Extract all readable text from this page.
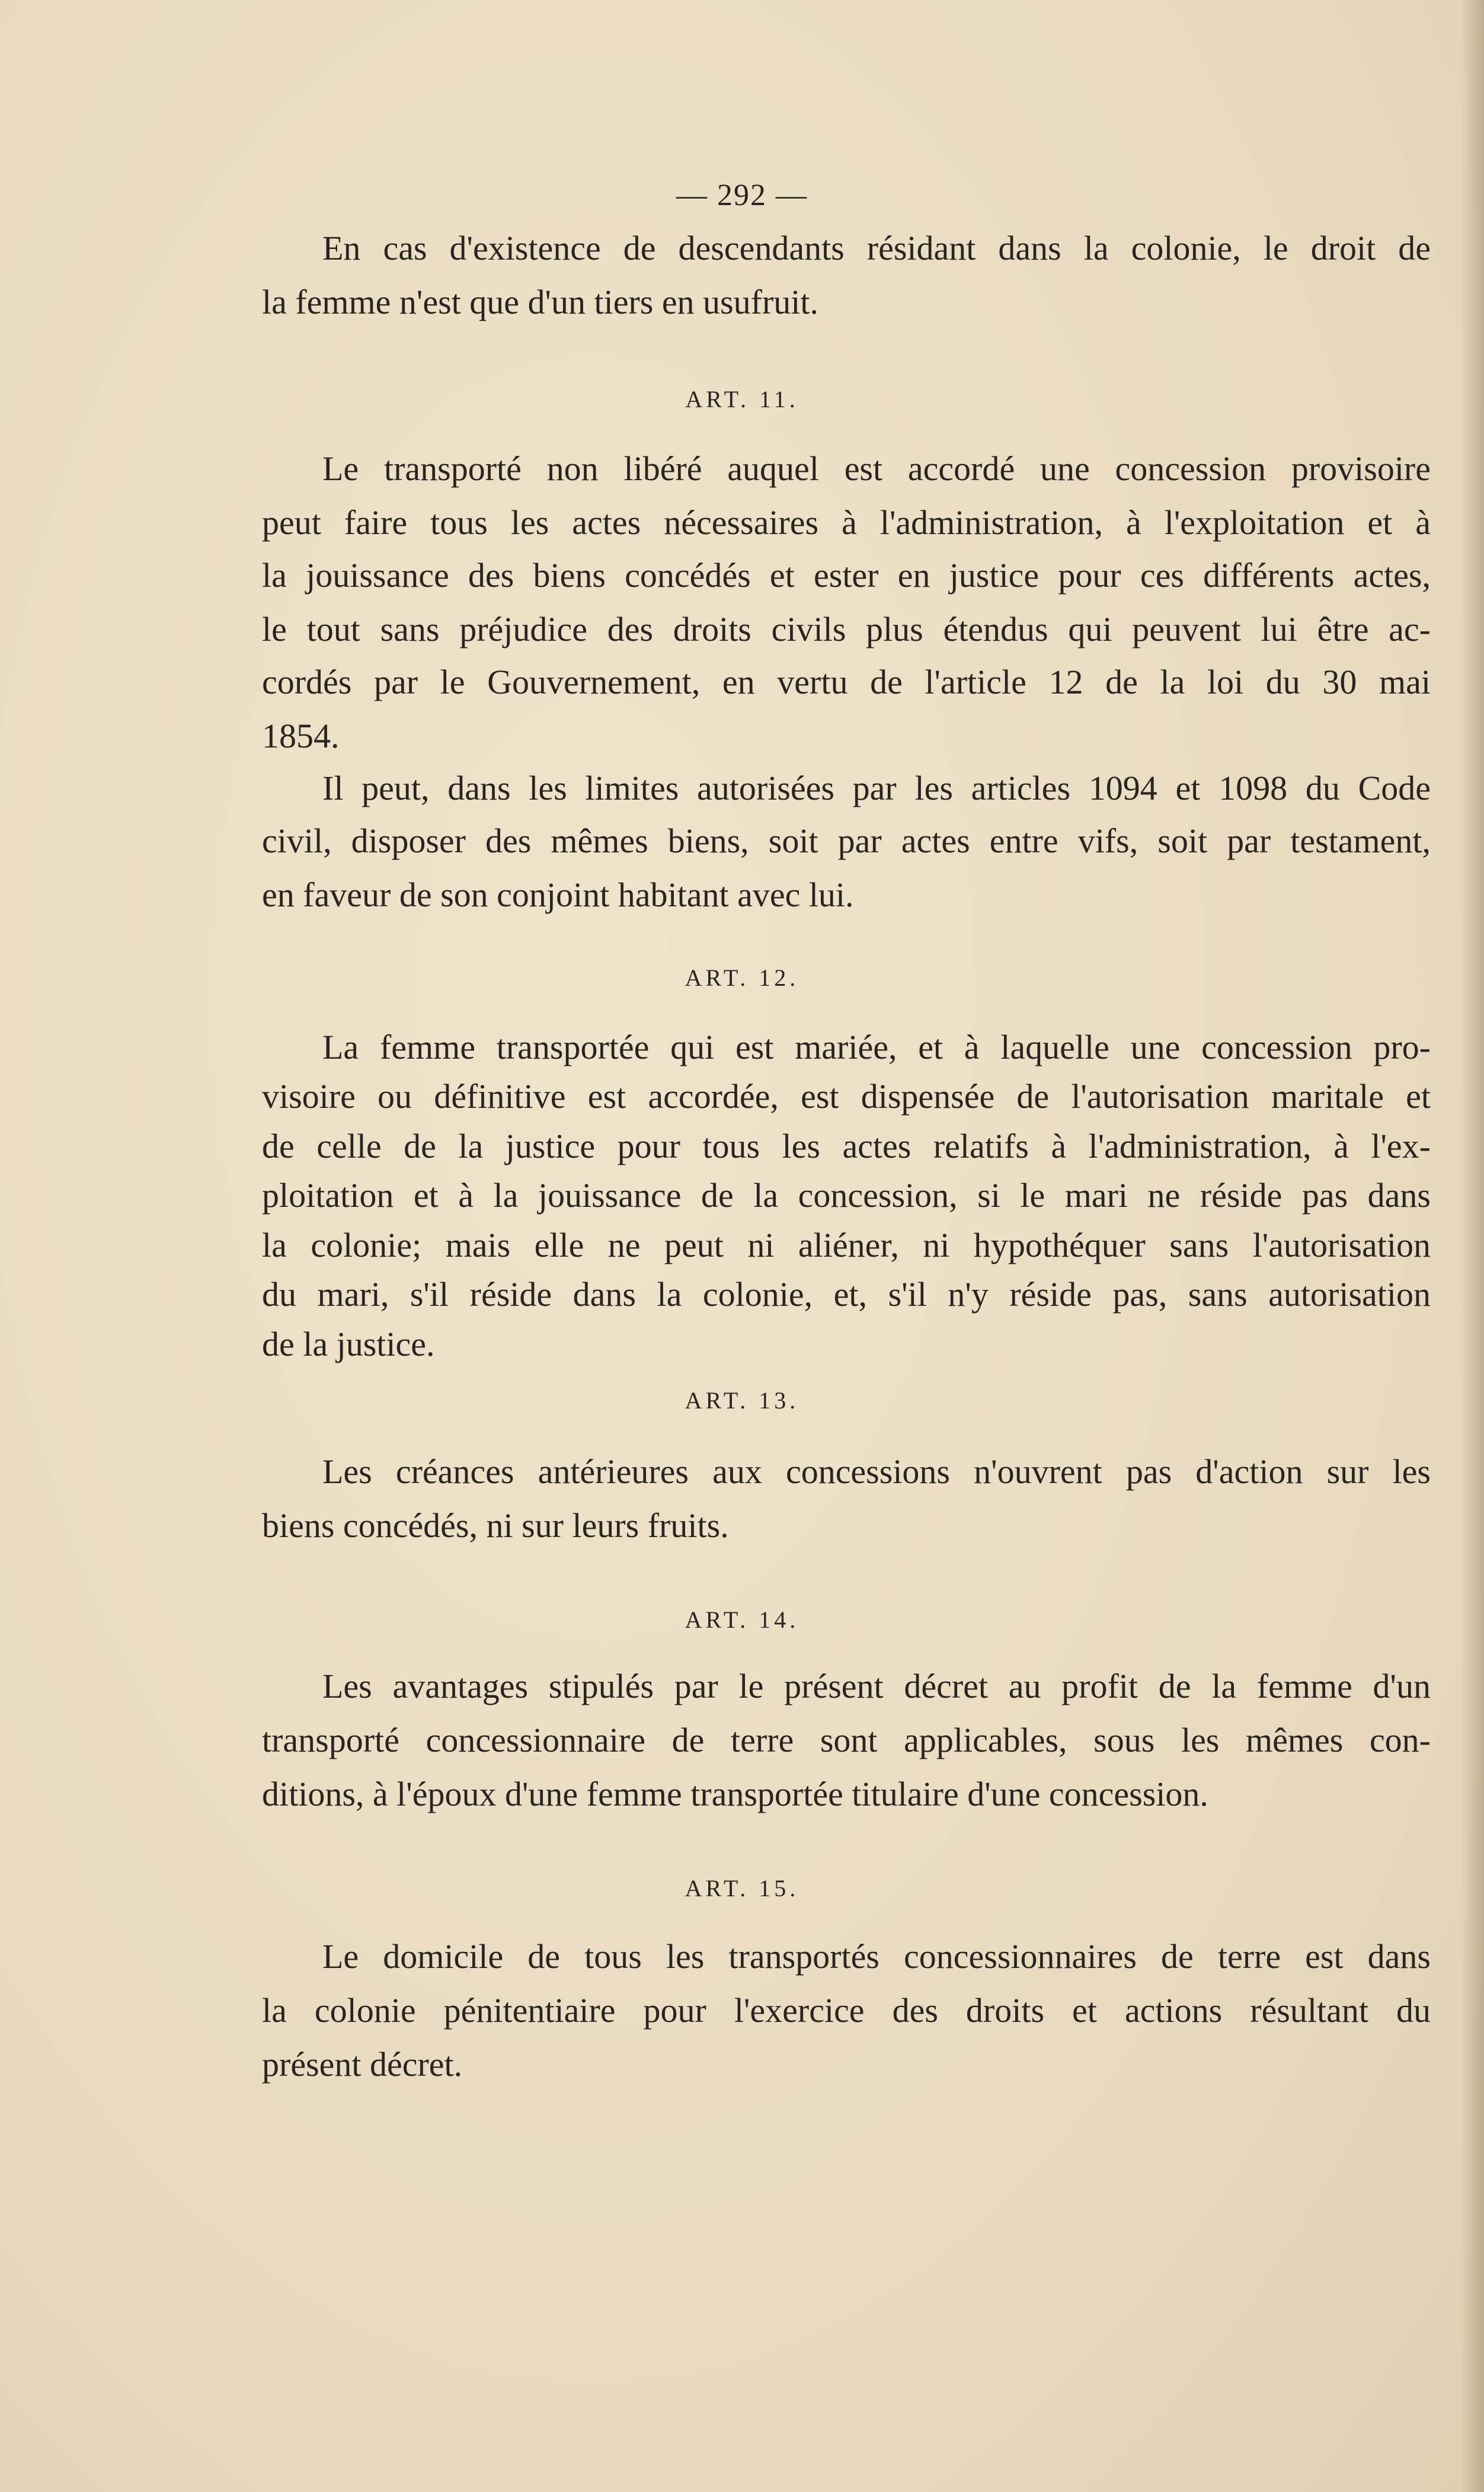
— 292 —
En cas d'existence de descendants résidant dans la colonie, le droit de
la femme n'est que d'un tiers en usufruit.
ART. 11.
Le transporté non libéré auquel est accordé une concession provisoire
peut faire tous les actes nécessaires à l'administration, à l'exploitation et à
la jouissance des biens concédés et ester en justice pour ces différents actes,
le tout sans préjudice des droits civils plus étendus qui peuvent lui être ac-
cordés par le Gouvernement, en vertu de l'article 12 de la loi du 30 mai
1854.
Il peut, dans les limites autorisées par les articles 1094 et 1098 du Code
civil, disposer des mêmes biens, soit par actes entre vifs, soit par testament,
en faveur de son conjoint habitant avec lui.
ART. 12.
La femme transportée qui est mariée, et à laquelle une concession pro-
visoire ou définitive est accordée, est dispensée de l'autorisation maritale et
de celle de la justice pour tous les actes relatifs à l'administration, à l'ex-
ploitation et à la jouissance de la concession, si le mari ne réside pas dans
la colonie; mais elle ne peut ni aliéner, ni hypothéquer sans l'autorisation
du mari, s'il réside dans la colonie, et, s'il n'y réside pas, sans autorisation
de la justice.
ART. 13.
Les créances antérieures aux concessions n'ouvrent pas d'action sur les
biens concédés, ni sur leurs fruits.
ART. 14.
Les avantages stipulés par le présent décret au profit de la femme d'un
transporté concessionnaire de terre sont applicables, sous les mêmes con-
ditions, à l'époux d'une femme transportée titulaire d'une concession.
ART. 15.
Le domicile de tous les transportés concessionnaires de terre est dans
la colonie pénitentiaire pour l'exercice des droits et actions résultant du
présent décret.
